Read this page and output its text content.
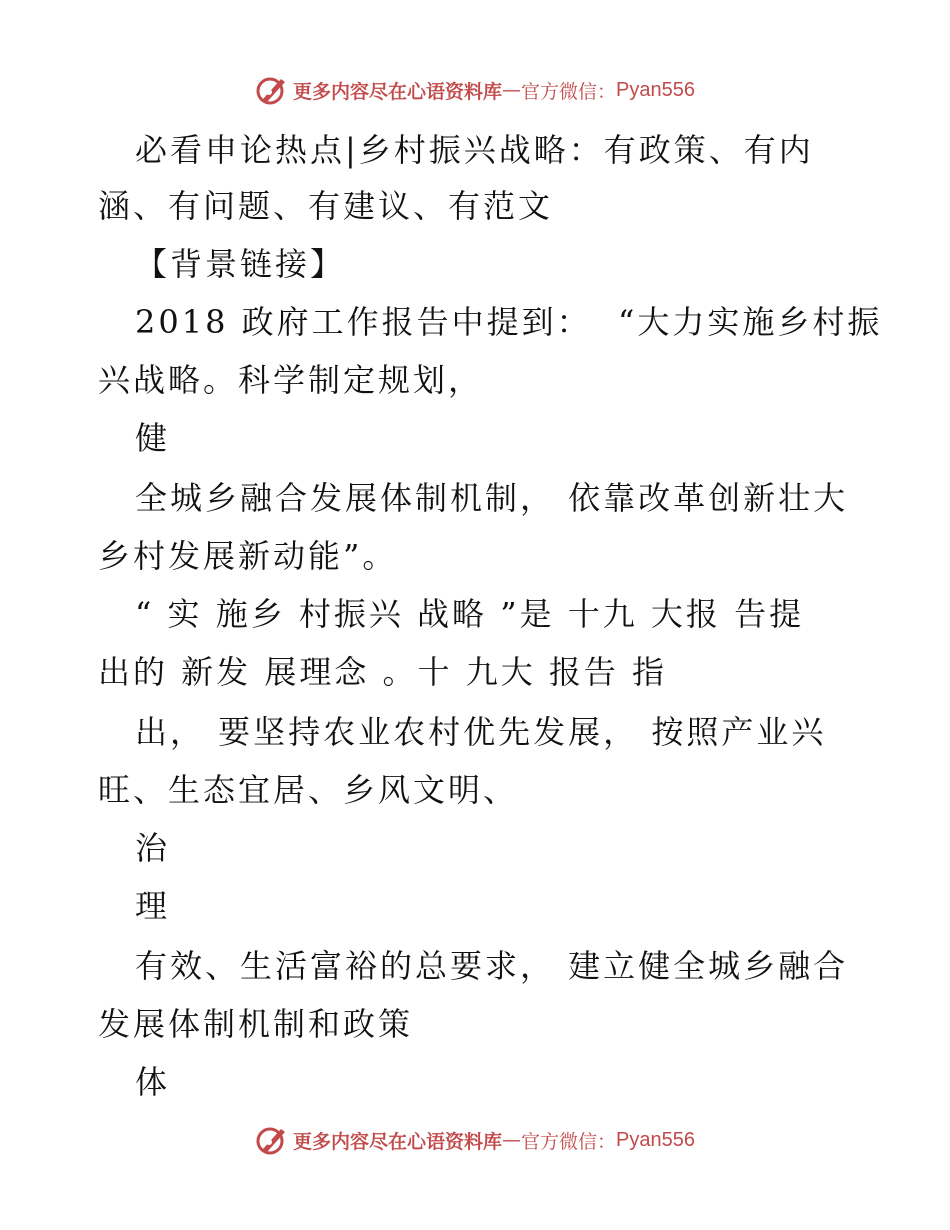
更多内容尽在心语资料库 — 官方微信： Pyan556
必看申论热点|乡村振兴战略：有政策、有内
涵、有问题、有建议、有范文
【背景链接】
2018 政府工作报告中提到：  “大力实施乡村振
兴战略。科学制定规划，
健
全城乡融合发展体制机制， 依靠改革创新壮大
乡村发展新动能”。
“ 实 施乡 村振兴 战略 ”是 十九 大报 告提
出的 新发 展理念 。十 九大 报告 指
出， 要坚持农业农村优先发展， 按照产业兴
旺、生态宜居、乡风文明、
治
理
有效、生活富裕的总要求， 建立健全城乡融合
发展体制机制和政策
体
更多内容尽在心语资料库 — 官方微信： Pyan556
